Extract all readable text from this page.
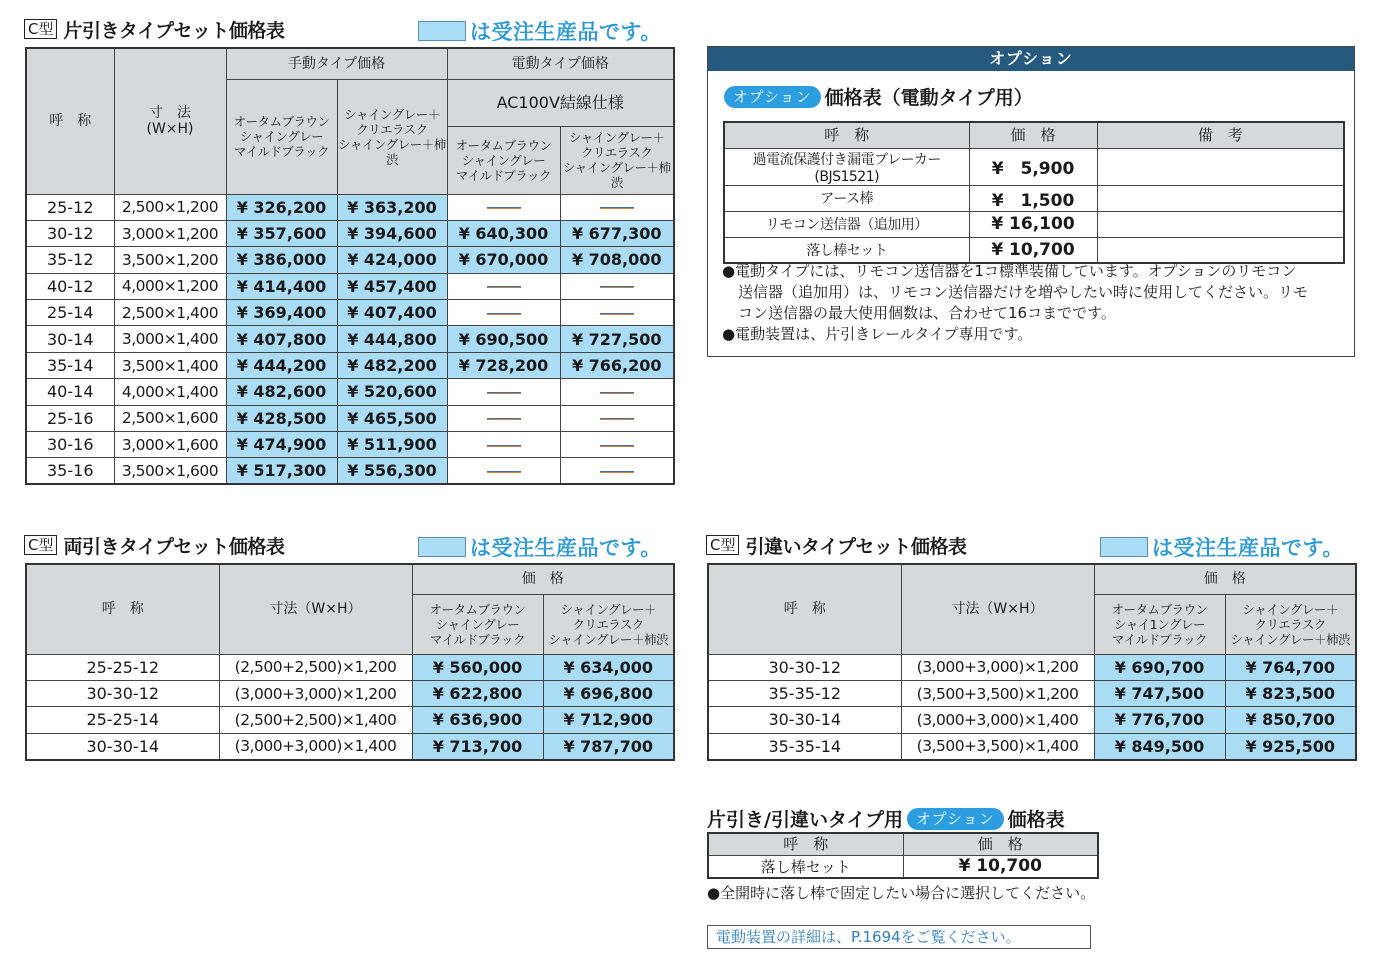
C型 片引きタイプセット価格表	は受注生産品です。
呼　称	寸　法
(W×H)	手動タイプ価格		電動タイプ価格	

オータムブラウン
シャイングレー
マイルドブラック

シャイングレー＋
クリエラスク
シャイングレー＋柿渋
	AC100V結線仕様

オータムブラウン
シャイングレー
マイルドブラック

シャイングレー＋
クリエラスク
シャイングレー＋柿渋

25-12	2,500×1,200	¥ 326,200	¥ 363,200		
30-12	3,000×1,200	¥ 357,600	¥ 394,600	¥ 640,300	¥ 677,300
35-12	3,500×1,200	¥ 386,000	¥ 424,000	¥ 670,000	¥ 708,000
40-12	4,000×1,200	¥ 414,400	¥ 457,400		
25-14	2,500×1,400	¥ 369,400	¥ 407,400		
30-14	3,000×1,400	¥ 407,800	¥ 444,800	¥ 690,500	¥ 727,500
35-14	3,500×1,400	¥ 444,200	¥ 482,200	¥ 728,200	¥ 766,200
40-14	4,000×1,400	¥ 482,600	¥ 520,600		
25-16	2,500×1,600	¥ 428,500	¥ 465,500		
30-16	3,000×1,600	¥ 474,900	¥ 511,900		
35-16	3,500×1,600	¥ 517,300	¥ 556,300		
オプション
オプション 価格表（電動タイプ用）
呼　称	価　格	備　考
過電流保護付き漏電ブレーカー(BJS1521)	¥　5,900	
アース棒	¥　1,500	
リモコン送信器（追加用）	¥ 16,100	
落し棒セット	¥ 10,700	
●電動タイプには、リモコン送信器を1コ標準装備しています。オプションのリモコン
送信器（追加用）は、リモコン送信器だけを増やしたい時に使用してください。リモ
コン送信器の最大使用個数は、合わせて16コまでです。
●電動装置は、片引きレールタイプ専用です。
C型 両引きタイプセット価格表	は受注生産品です。
呼　称	寸法（W×H）	価　格	

オータムブラウン
シャイングレー
マイルドブラック

シャイングレー＋
クリエラスク
シャイングレー＋柿渋

25-25-12	(2,500+2,500)×1,200	¥ 560,000	¥ 634,000
30-30-12	(3,000+3,000)×1,200	¥ 622,800	¥ 696,800
25-25-14	(2,500+2,500)×1,400	¥ 636,900	¥ 712,900
30-30-14	(3,000+3,000)×1,400	¥ 713,700	¥ 787,700
C型 引違いタイプセット価格表	は受注生産品です。
呼　称	寸法（W×H）	価　格	

オータムブラウン
シャイ1ングレー
マイルドブラック

シャイングレー＋
クリエラスク
シャイングレー＋柿渋

30-30-12	(3,000+3,000)×1,200	¥ 690,700	¥ 764,700
35-35-12	(3,500+3,500)×1,200	¥ 747,500	¥ 823,500
30-30-14	(3,000+3,000)×1,400	¥ 776,700	¥ 850,700
35-35-14	(3,500+3,500)×1,400	¥ 849,500	¥ 925,500
片引き/引違いタイプ用 オプション 価格表
呼　称	価　格
落し棒セット	¥ 10,700
●全開時に落し棒で固定したい場合に選択してください。
電動装置の詳細は、P.1694をご覧ください。
